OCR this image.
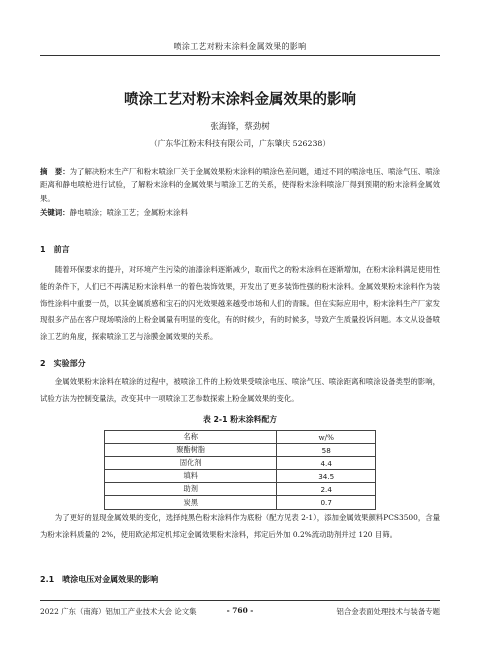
喷涂工艺对粉末涂料金属效果的影响
喷涂工艺对粉末涂料金属效果的影响
张海锋，蔡劲树
（广东华江粉末科技有限公司，广东肇庆 526238）
摘　要：为了解决粉末生产厂和粉末喷涂厂关于金属效果粉末涂料的喷涂色差问题，通过不同的喷涂电压、喷涂气压、喷涂距离和静电喷枪进行试验，了解粉末涂料的金属效果与喷涂工艺的关系，使得粉末涂料喷涂厂得到预期的粉末涂料金属效果。
关键词：静电喷涂；喷涂工艺；金属粉末涂料
1　前言
随着环保要求的提升，对环境产生污染的油漆涂料逐渐减少，取而代之的粉末涂料在逐渐增加，在粉末涂料满足使用性能的条件下，人们已不再满足粉末涂料单一的着色装饰效果，开发出了更多装饰性强的粉末涂料。金属效果粉末涂料作为装饰性涂料中重要一员，以其金属质感和宝石的闪光效果越来越受市场和人们的青睐。但在实际应用中，粉末涂料生产厂家发现很多产品在客户现场喷涂的上粉金属量有明显的变化，有的时候少，有的时候多，导致产生质量投诉问题。本文从设备喷涂工艺的角度，探索喷涂工艺与涂膜金属效果的关系。
2　实验部分
金属效果粉末涂料在喷涂的过程中，被喷涂工件的上粉效果受喷涂电压、喷涂气压、喷涂距离和喷涂设备类型的影响，试验方法为控制变量法，改变其中一项喷涂工艺参数探索上粉金属效果的变化。
表 2-1 粉末涂料配方
名称	w/%
聚酯树脂	58
固化剂	4.4
填料	34.5
助剂	2.4
炭黑	0.7
为了更好的显现金属效果的变化，选择纯黑色粉末涂料作为底粉（配方见表 2-1），添加金属效果颜料PCS3500，含量为粉末涂料质量的 2%，使用欧泌邦定机邦定金属效果粉末涂料，邦定后外加 0.2%流动助剂并过 120 目筛。
2.1　喷涂电压对金属效果的影响
2022 广东（南海）铝加工产业技术大会 论文集	- 760 -	铝合金表面处理技术与装备专题
